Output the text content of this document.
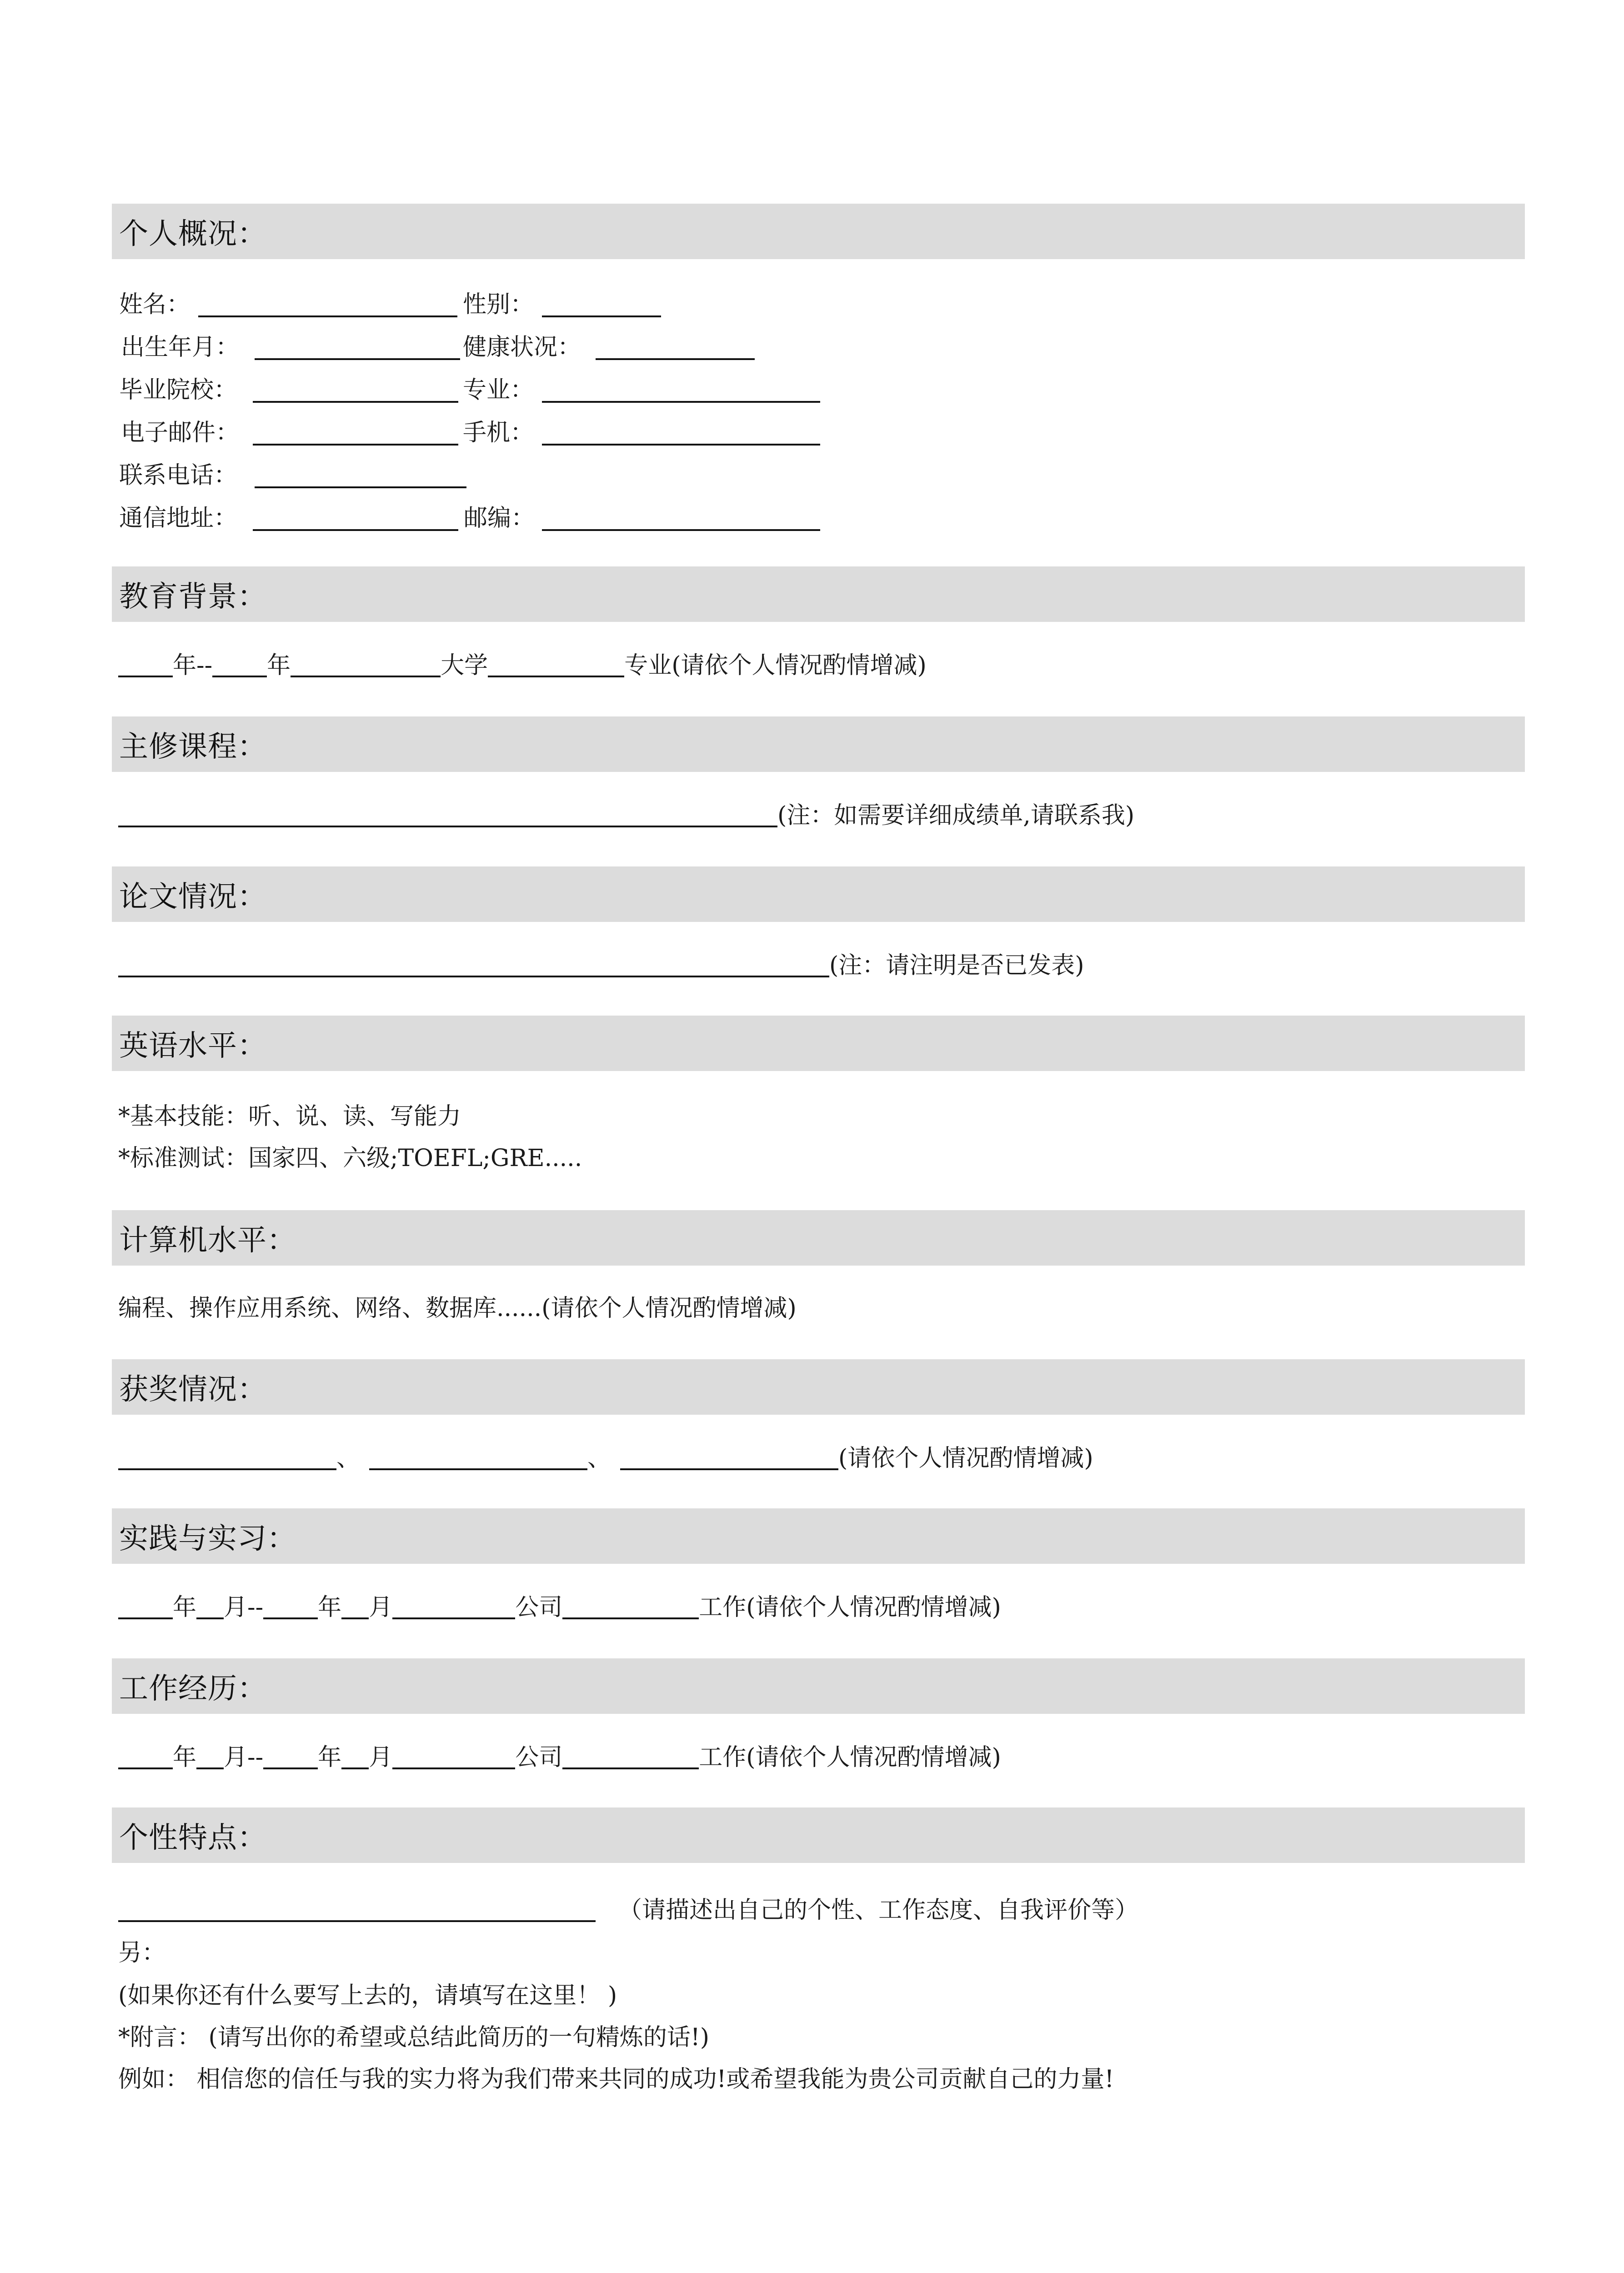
个人概况：
姓名：	性别：
出生年月：	健康状况：
毕业院校：	专业：
电子邮件：	手机：
联系电话：
通信地址：	邮编：
教育背景：
年-- 年	大学	专业(请依个人情况酌情增减)
主修课程：
(注：如需要详细成绩单,请联系我)
论文情况：
(注：请注明是否已发表)
英语水平：
*基本技能：听、说、读、写能力
*标准测试：国家四、六级;TOEFL;GRE.....
计算机水平：
编程、操作应用系统、网络、数据库......(请依个人情况酌情增减)
获奖情况：
、	、	(请依个人情况酌情增减)
实践与实习：
年 月-- 年 月	公司	工作(请依个人情况酌情增减)
工作经历：
年 月-- 年 月	公司	工作(请依个人情况酌情增减)
个性特点：
（请描述出自己的个性、工作态度、自我评价等）
另：
(如果你还有什么要写上去的，请填写在这里！ )
*附言： (请写出你的希望或总结此简历的一句精炼的话!)
例如： 相信您的信任与我的实力将为我们带来共同的成功!或希望我能为贵公司贡献自己的力量!
